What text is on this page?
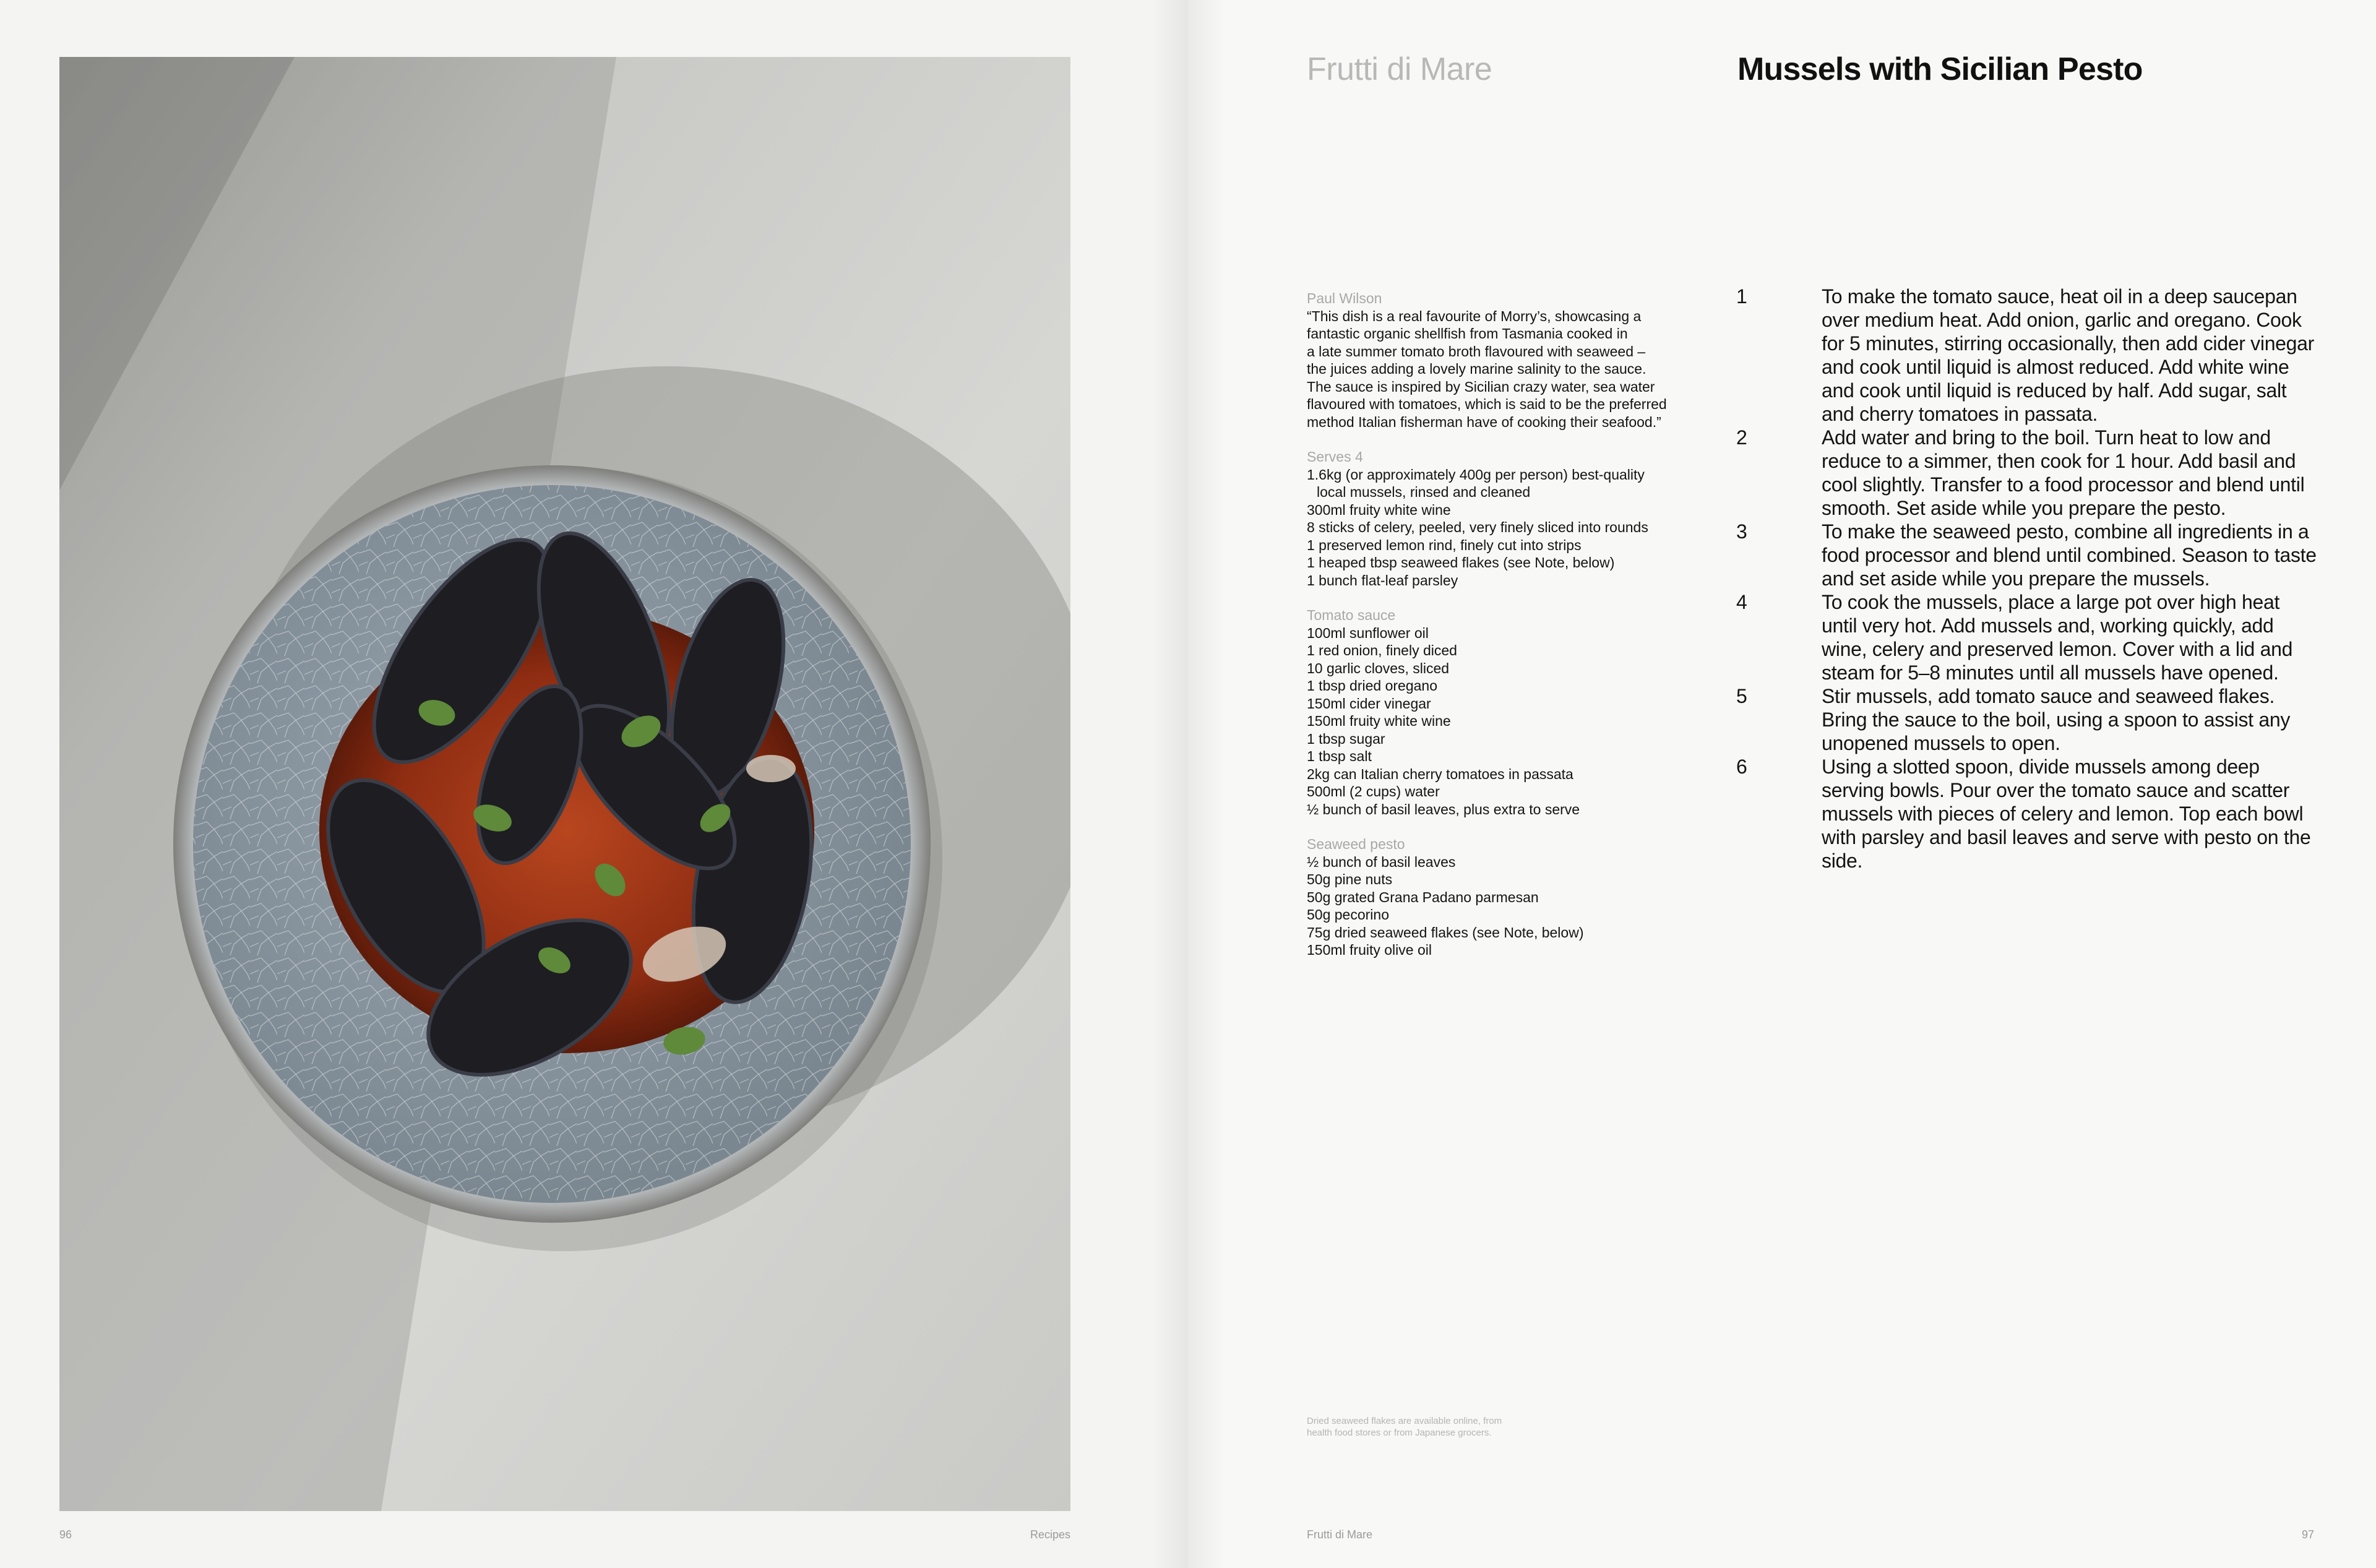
96	Recipes
Frutti di Mare	Mussels with Sicilian Pesto
Paul Wilson
“This dish is a real favourite of Morry’s, showcasing a
fantastic organic shellfish from Tasmania cooked in
a late summer tomato broth flavoured with seaweed –
the juices adding a lovely marine salinity to the sauce.
The sauce is inspired by Sicilian crazy water, sea water
flavoured with tomatoes, which is said to be the preferred
method Italian fisherman have of cooking their seafood.”
Serves 4
1.6kg (or approximately 400g per person) best-quality
local mussels, rinsed and cleaned
300ml fruity white wine
8 sticks of celery, peeled, very finely sliced into rounds
1 preserved lemon rind, finely cut into strips
1 heaped tbsp seaweed flakes (see Note, below)
1 bunch flat-leaf parsley
Tomato sauce
100ml sunflower oil
1 red onion, finely diced
10 garlic cloves, sliced
1 tbsp dried oregano
150ml cider vinegar
150ml fruity white wine
1 tbsp sugar
1 tbsp salt
2kg can Italian cherry tomatoes in passata
500ml (2 cups) water
½ bunch of basil leaves, plus extra to serve
Seaweed pesto
½ bunch of basil leaves
50g pine nuts
50g grated Grana Padano parmesan
50g pecorino
75g dried seaweed flakes (see Note, below)
150ml fruity olive oil
1	To make the tomato sauce, heat oil in a deep saucepan over medium heat. Add onion, garlic and oregano. Cook for 5 minutes, stirring occasionally, then add cider vinegar and cook until liquid is almost reduced. Add white wine and cook until liquid is reduced by half. Add sugar, salt and cherry tomatoes in passata.
2	Add water and bring to the boil. Turn heat to low and reduce to a simmer, then cook for 1 hour. Add basil and cool slightly. Transfer to a food processor and blend until smooth. Set aside while you prepare the pesto.
3	To make the seaweed pesto, combine all ingredients in a food processor and blend until combined. Season to taste and set aside while you prepare the mussels.
4	To cook the mussels, place a large pot over high heat until very hot. Add mussels and, working quickly, add wine, celery and preserved lemon. Cover with a lid and steam for 5–8 minutes until all mussels have opened.
5	Stir mussels, add tomato sauce and seaweed flakes. Bring the sauce to the boil, using a spoon to assist any unopened mussels to open.
6	Using a slotted spoon, divide mussels among deep serving bowls. Pour over the tomato sauce and scatter mussels with pieces of celery and lemon. Top each bowl with parsley and basil leaves and serve with pesto on the side.
Dried seaweed flakes are available online, from
health food stores or from Japanese grocers.
Frutti di Mare	97
